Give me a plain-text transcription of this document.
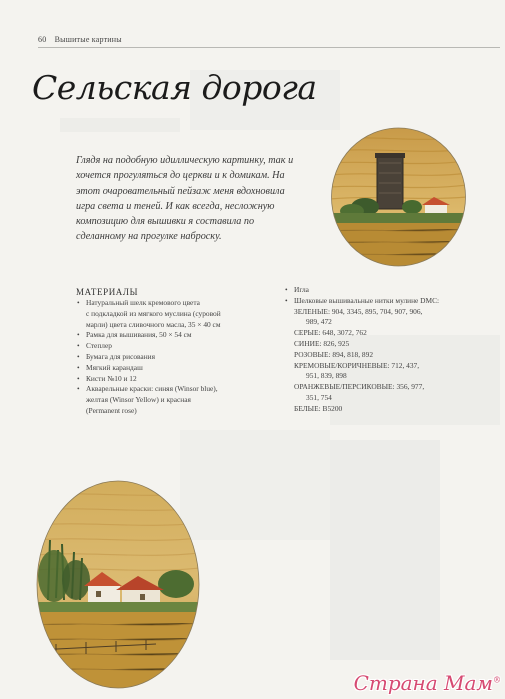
60 Вышитые картины
Сельская дорога

Глядя на подобную идиллическую картинку, так и хочется прогуляться до церкви и к домикам. На этот очаровательный пейзаж меня вдохновила игра света и теней. И как всегда, несложную композицию для вышивки я составила по сделанному на прогулке наброску.

МАТЕРИАЛЫ
• Натуральный шелк кремового цвета
с подкладкой из мягкого муслина (суровой
марли) цвета сливочного масла, 35 × 40 см
• Рамка для вышивания, 50 × 54 см
• Степлер
• Бумага для рисования
• Мягкий карандаш
• Кисти №10 и 12
• Акварельные краски: синяя (Winsor blue),
желтая (Winsor Yellow) и красная
(Permanent rose)
• Игла
• Шелковые вышивальные нитки мулине DMC:
ЗЕЛЕНЫЕ: 904, 3345, 895, 704, 907, 906,
989, 472
СЕРЫЕ: 648, 3072, 762
СИНИЕ: 826, 925
РОЗОВЫЕ: 894, 818, 892
КРЕМОВЫЕ/КОРИЧНЕВЫЕ: 712, 437,
951, 839, 898
ОРАНЖЕВЫЕ/ПЕРСИКОВЫЕ: 356, 977,
351, 754
БЕЛЫЕ: В5200
Страна Мам®
